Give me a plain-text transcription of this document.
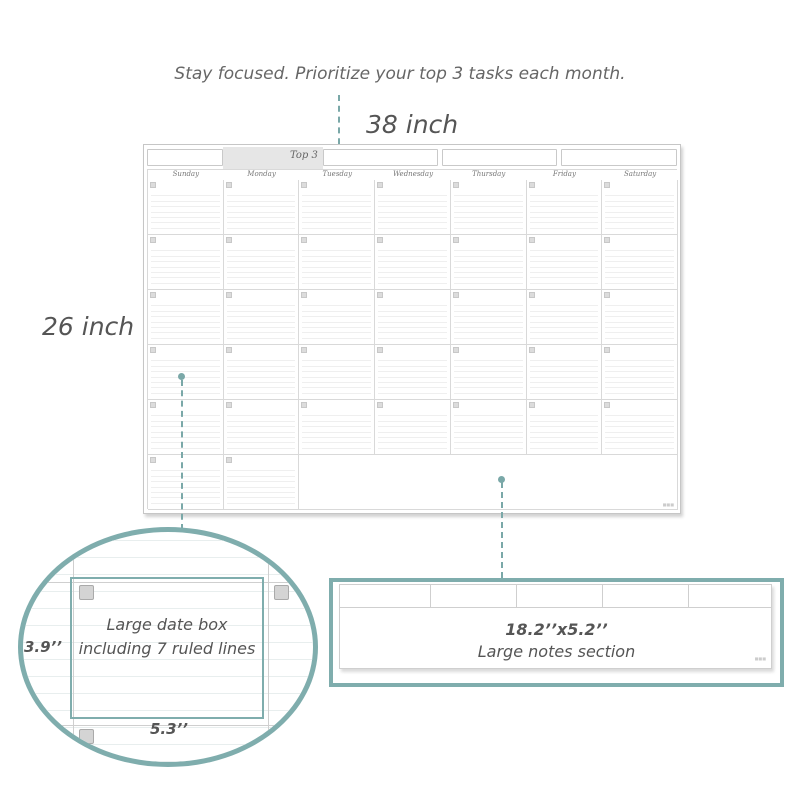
Stay focused. Prioritize your top 3 tasks each month.
38 inch
26 inch
Top 3
Sunday	Monday	Tuesday	Wednesday	Thursday	Friday	Saturday
■■■
Large date box
including 7 ruled lines
3.9’’
5.3’’
18.2’’x5.2’’
Large notes section	■■■
